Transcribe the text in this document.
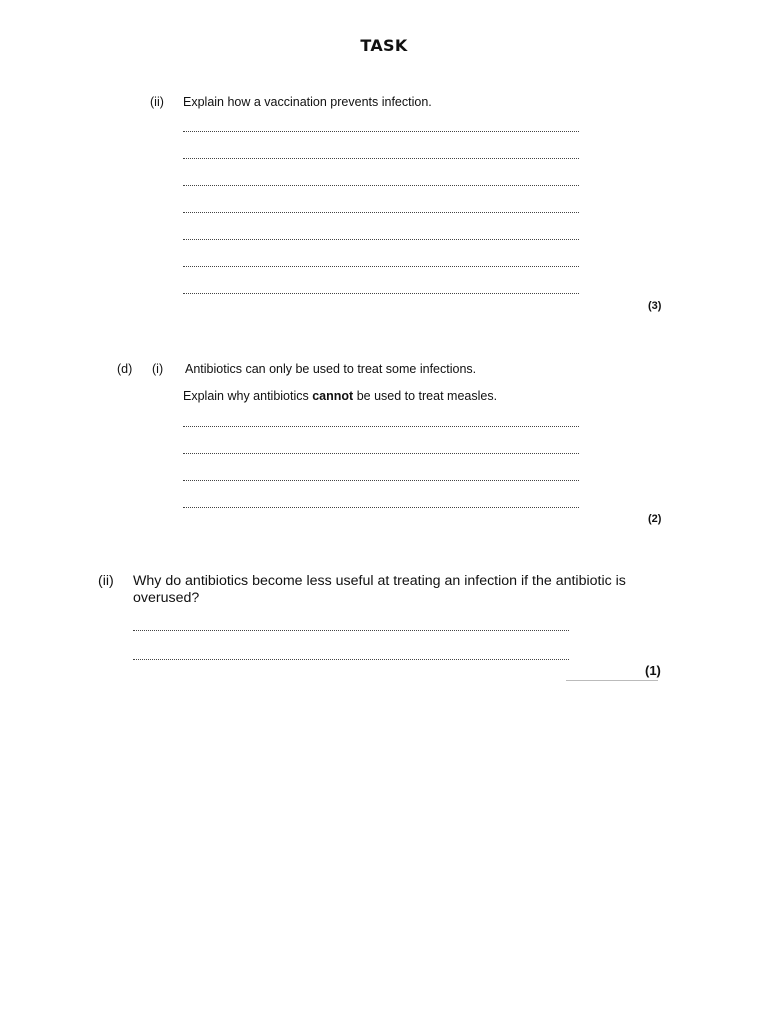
TASK
(ii) Explain how a vaccination prevents infection.
(3)
(d) (i) Antibiotics can only be used to treat some infections.
Explain why antibiotics cannot be used to treat measles.
(2)
(ii) Why do antibiotics become less useful at treating an infection if the antibiotic is
overused?
(1)
